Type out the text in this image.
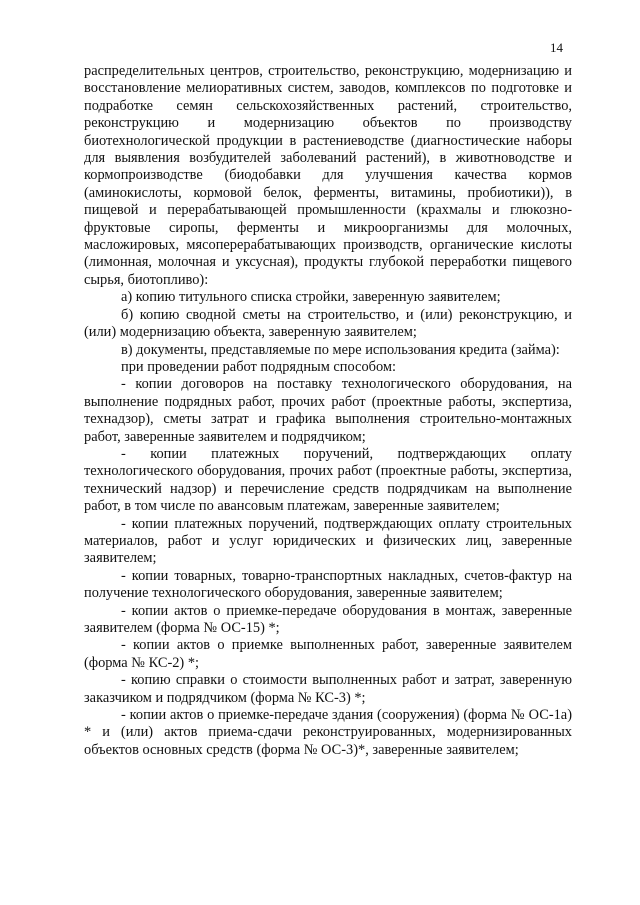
14

распределительных центров, строительство, реконструкцию, модернизацию и восстановление мелиоративных систем, заводов, комплексов по подготовке и подработке семян сельскохозяйственных растений, строительство, реконструкцию и модернизацию объектов по производству биотехнологической продукции в растениеводстве (диагностические наборы для выявления возбудителей заболеваний растений), в животноводстве и кормопроизводстве (биодобавки для улучшения качества кормов (аминокислоты, кормовой белок, ферменты, витамины, пробиотики)), в пищевой и перерабатывающей промышленности (крахмалы и глюкозно-фруктовые сиропы, ферменты и микроорганизмы для молочных, масложировых, мясоперерабатывающих производств, органические кислоты (лимонная, молочная и уксусная), продукты глубокой переработки пищевого сырья, биотопливо):

а) копию титульного списка стройки, заверенную заявителем;

б) копию сводной сметы на строительство, и (или) реконструкцию, и (или) модернизацию объекта, заверенную заявителем;

в) документы, представляемые по мере использования кредита (займа):

при проведении работ подрядным способом:

- копии договоров на поставку технологического оборудования, на выполнение подрядных работ, прочих работ (проектные работы, экспертиза, технадзор), сметы затрат и графика выполнения строительно-монтажных работ, заверенные заявителем и подрядчиком;

- копии платежных поручений, подтверждающих оплату технологического оборудования, прочих работ (проектные работы, экспертиза, технический надзор) и перечисление средств подрядчикам на выполнение работ, в том числе по авансовым платежам, заверенные заявителем;

- копии платежных поручений, подтверждающих оплату строительных материалов, работ и услуг юридических и физических лиц, заверенные заявителем;

- копии товарных, товарно-транспортных накладных, счетов-фактур на получение технологического оборудования, заверенные заявителем;

- копии актов о приемке-передаче оборудования в монтаж, заверенные заявителем (форма № ОС-15) *;

- копии актов о приемке выполненных работ, заверенные заявителем (форма № КС-2) *;

- копию справки о стоимости выполненных работ и затрат, заверенную заказчиком и подрядчиком (форма № КС-3) *;

- копии актов о приемке-передаче здания (сооружения) (форма № ОС-1а) * и (или) актов приема-сдачи реконструированных, модернизированных объектов основных средств (форма № ОС-3)*, заверенные заявителем;
